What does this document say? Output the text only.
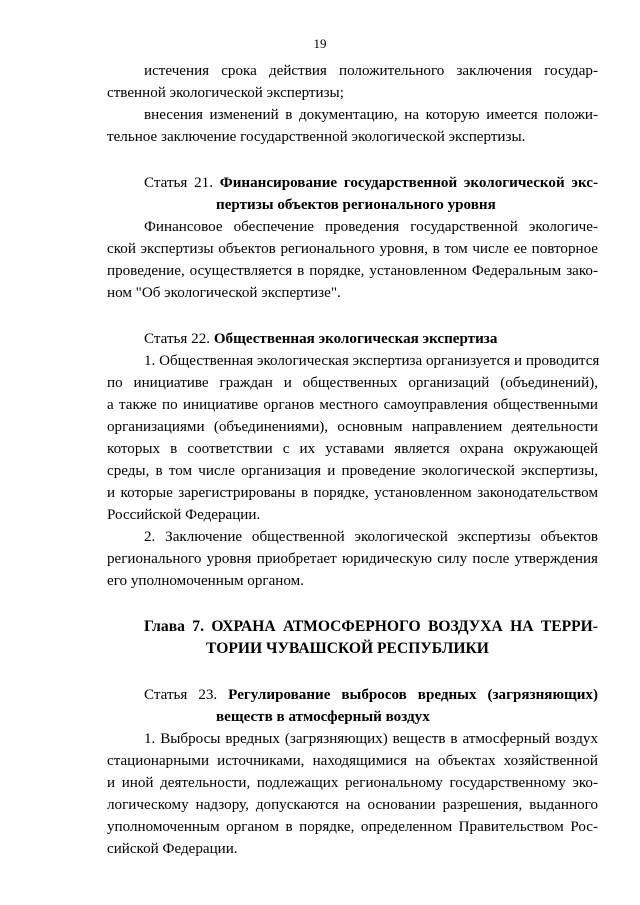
19
истечения срока действия положительного заключения государ-
ственной экологической экспертизы;
внесения изменений в документацию, на которую имеется положи-
тельное заключение государственной экологической экспертизы.
Статья 21. Финансирование государственной экологической экс-
пертизы объектов регионального уровня
Финансовое обеспечение проведения государственной экологиче-
ской экспертизы объектов регионального уровня, в том числе ее повторное
проведение, осуществляется в порядке, установленном Федеральным зако-
ном "Об экологической экспертизе".
Статья 22. Общественная экологическая экспертиза
1. Общественная экологическая экспертиза организуется и проводится
по инициативе граждан и общественных организаций (объединений),
а также по инициативе органов местного самоуправления общественными
организациями (объединениями), основным направлением деятельности
которых в соответствии с их уставами является охрана окружающей
среды, в том числе организация и проведение экологической экспертизы,
и которые зарегистрированы в порядке, установленном законодательством
Российской Федерации.
2. Заключение общественной экологической экспертизы объектов
регионального уровня приобретает юридическую силу после утверждения
его уполномоченным органом.
Глава 7. ОХРАНА АТМОСФЕРНОГО ВОЗДУХА НА ТЕРРИ-
ТОРИИ ЧУВАШСКОЙ РЕСПУБЛИКИ
Статья 23. Регулирование выбросов вредных (загрязняющих)
веществ в атмосферный воздух
1. Выбросы вредных (загрязняющих) веществ в атмосферный воздух
стационарными источниками, находящимися на объектах хозяйственной
и иной деятельности, подлежащих региональному государственному эко-
логическому надзору, допускаются на основании разрешения, выданного
уполномоченным органом в порядке, определенном Правительством Рос-
сийской Федерации.
